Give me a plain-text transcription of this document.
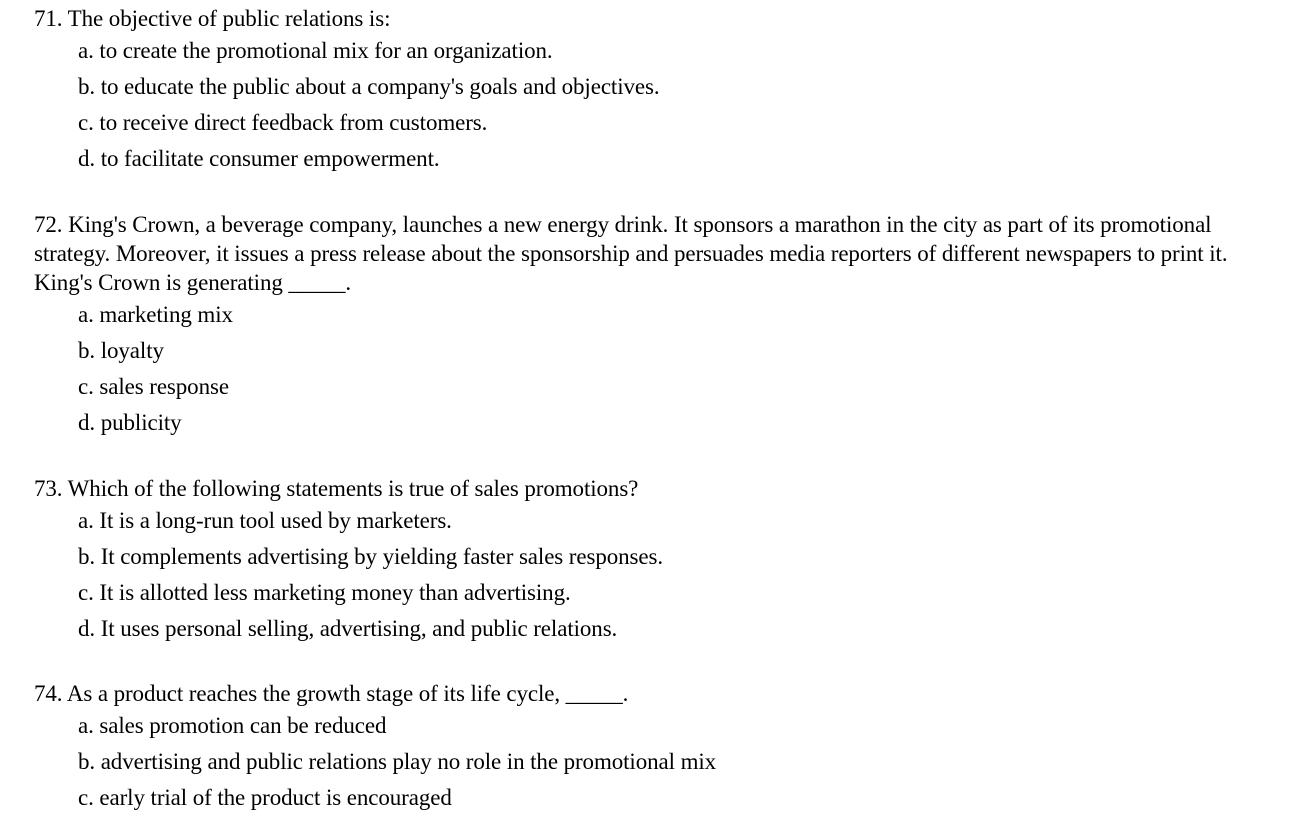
71. The objective of public relations is:

a. to create the promotional mix for an organization.
b. to educate the public about a company's goals and objectives.
c. to receive direct feedback from customers.
d. to facilitate consumer empowerment.

72. King's Crown, a beverage company, launches a new energy drink. It sponsors a marathon in the city as part of its promotional strategy. Moreover, it issues a press release about the sponsorship and persuades media reporters of different newspapers to print it. King's Crown is generating _____.

a. marketing mix
b. loyalty
c. sales response
d. publicity

73. Which of the following statements is true of sales promotions?

a. It is a long-run tool used by marketers.
b. It complements advertising by yielding faster sales responses.
c. It is allotted less marketing money than advertising.
d. It uses personal selling, advertising, and public relations.

74. As a product reaches the growth stage of its life cycle, _____.

a. sales promotion can be reduced
b. advertising and public relations play no role in the promotional mix
c. early trial of the product is encouraged
